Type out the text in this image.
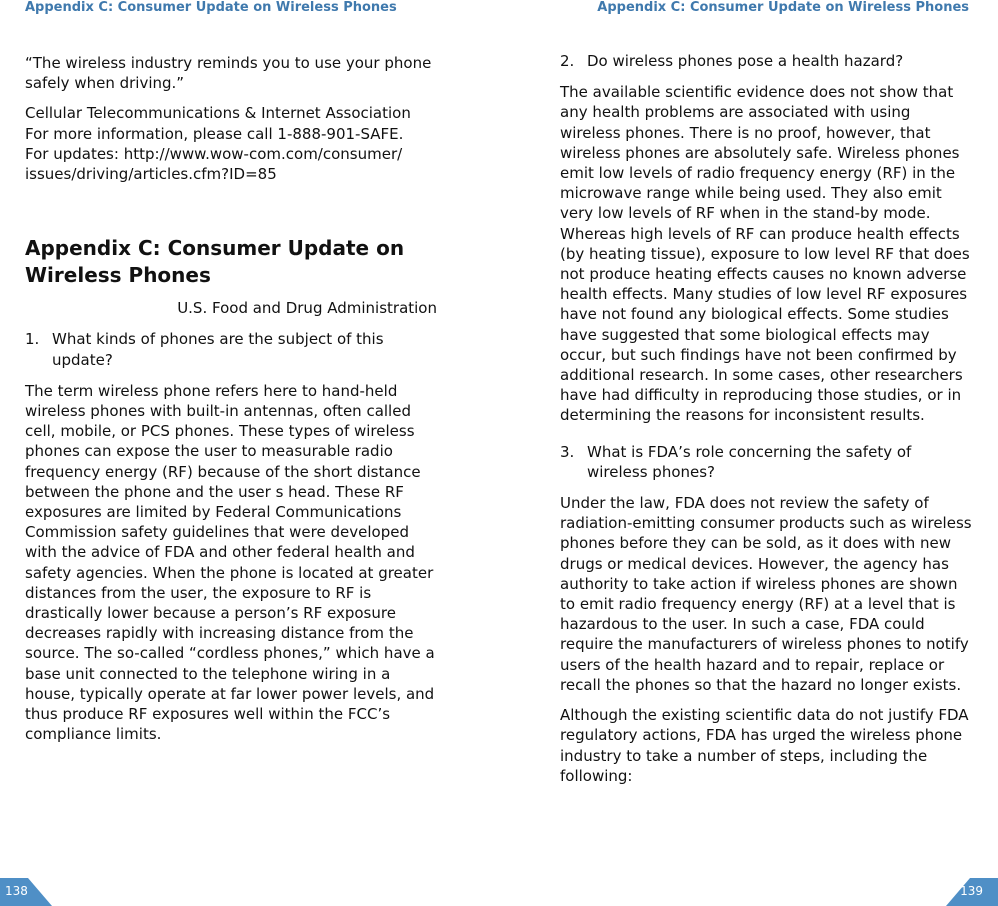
Appendix C: Consumer Update on Wireless Phones	Appendix C: Consumer Update on Wireless Phones

“The wireless industry reminds you to use your phone safely when driving.”

Cellular Telecommunications & Internet Association
For more information, please call 1-888-901-SAFE.
For updates: http://www.wow-com.com/consumer/
issues/driving/articles.cfm?ID=85
Appendix C: Consumer Update on Wireless Phones
U.S. Food and Drug Administration
1. What kinds of phones are the subject of this update?

The term wireless phone refers here to hand-held wireless phones with built-in antennas, often called cell, mobile, or PCS phones. These types of wireless phones can expose the user to measurable radio frequency energy (RF) because of the short distance between the phone and the user s head. These RF exposures are limited by Federal Communications Commission safety guidelines that were developed with the advice of FDA and other federal health and safety agencies. When the phone is located at greater distances from the user, the exposure to RF is drastically lower because a person’s RF exposure decreases rapidly with increasing distance from the source. The so-called “cordless phones,” which have a base unit connected to the telephone wiring in a house, typically operate at far lower power levels, and thus produce RF exposures well within the FCC’s compliance limits.

2. Do wireless phones pose a health hazard?

The available scientific evidence does not show that any health problems are associated with using wireless phones. There is no proof, however, that wireless phones are absolutely safe. Wireless phones emit low levels of radio frequency energy (RF) in the microwave range while being used. They also emit very low levels of RF when in the stand-by mode. Whereas high levels of RF can produce health effects (by heating tissue), exposure to low level RF that does not produce heating effects causes no known adverse health effects. Many studies of low level RF exposures have not found any biological effects. Some studies have suggested that some biological effects may occur, but such findings have not been confirmed by additional research. In some cases, other researchers have had difficulty in reproducing those studies, or in determining the reasons for inconsistent results.

3. What is FDA’s role concerning the safety of wireless phones?

Under the law, FDA does not review the safety of radiation-emitting consumer products such as wireless phones before they can be sold, as it does with new drugs or medical devices. However, the agency has authority to take action if wireless phones are shown to emit radio frequency energy (RF) at a level that is hazardous to the user. In such a case, FDA could require the manufacturers of wireless phones to notify users of the health hazard and to repair, replace or recall the phones so that the hazard no longer exists.

Although the existing scientific data do not justify FDA regulatory actions, FDA has urged the wireless phone industry to take a number of steps, including the following:

138	139
